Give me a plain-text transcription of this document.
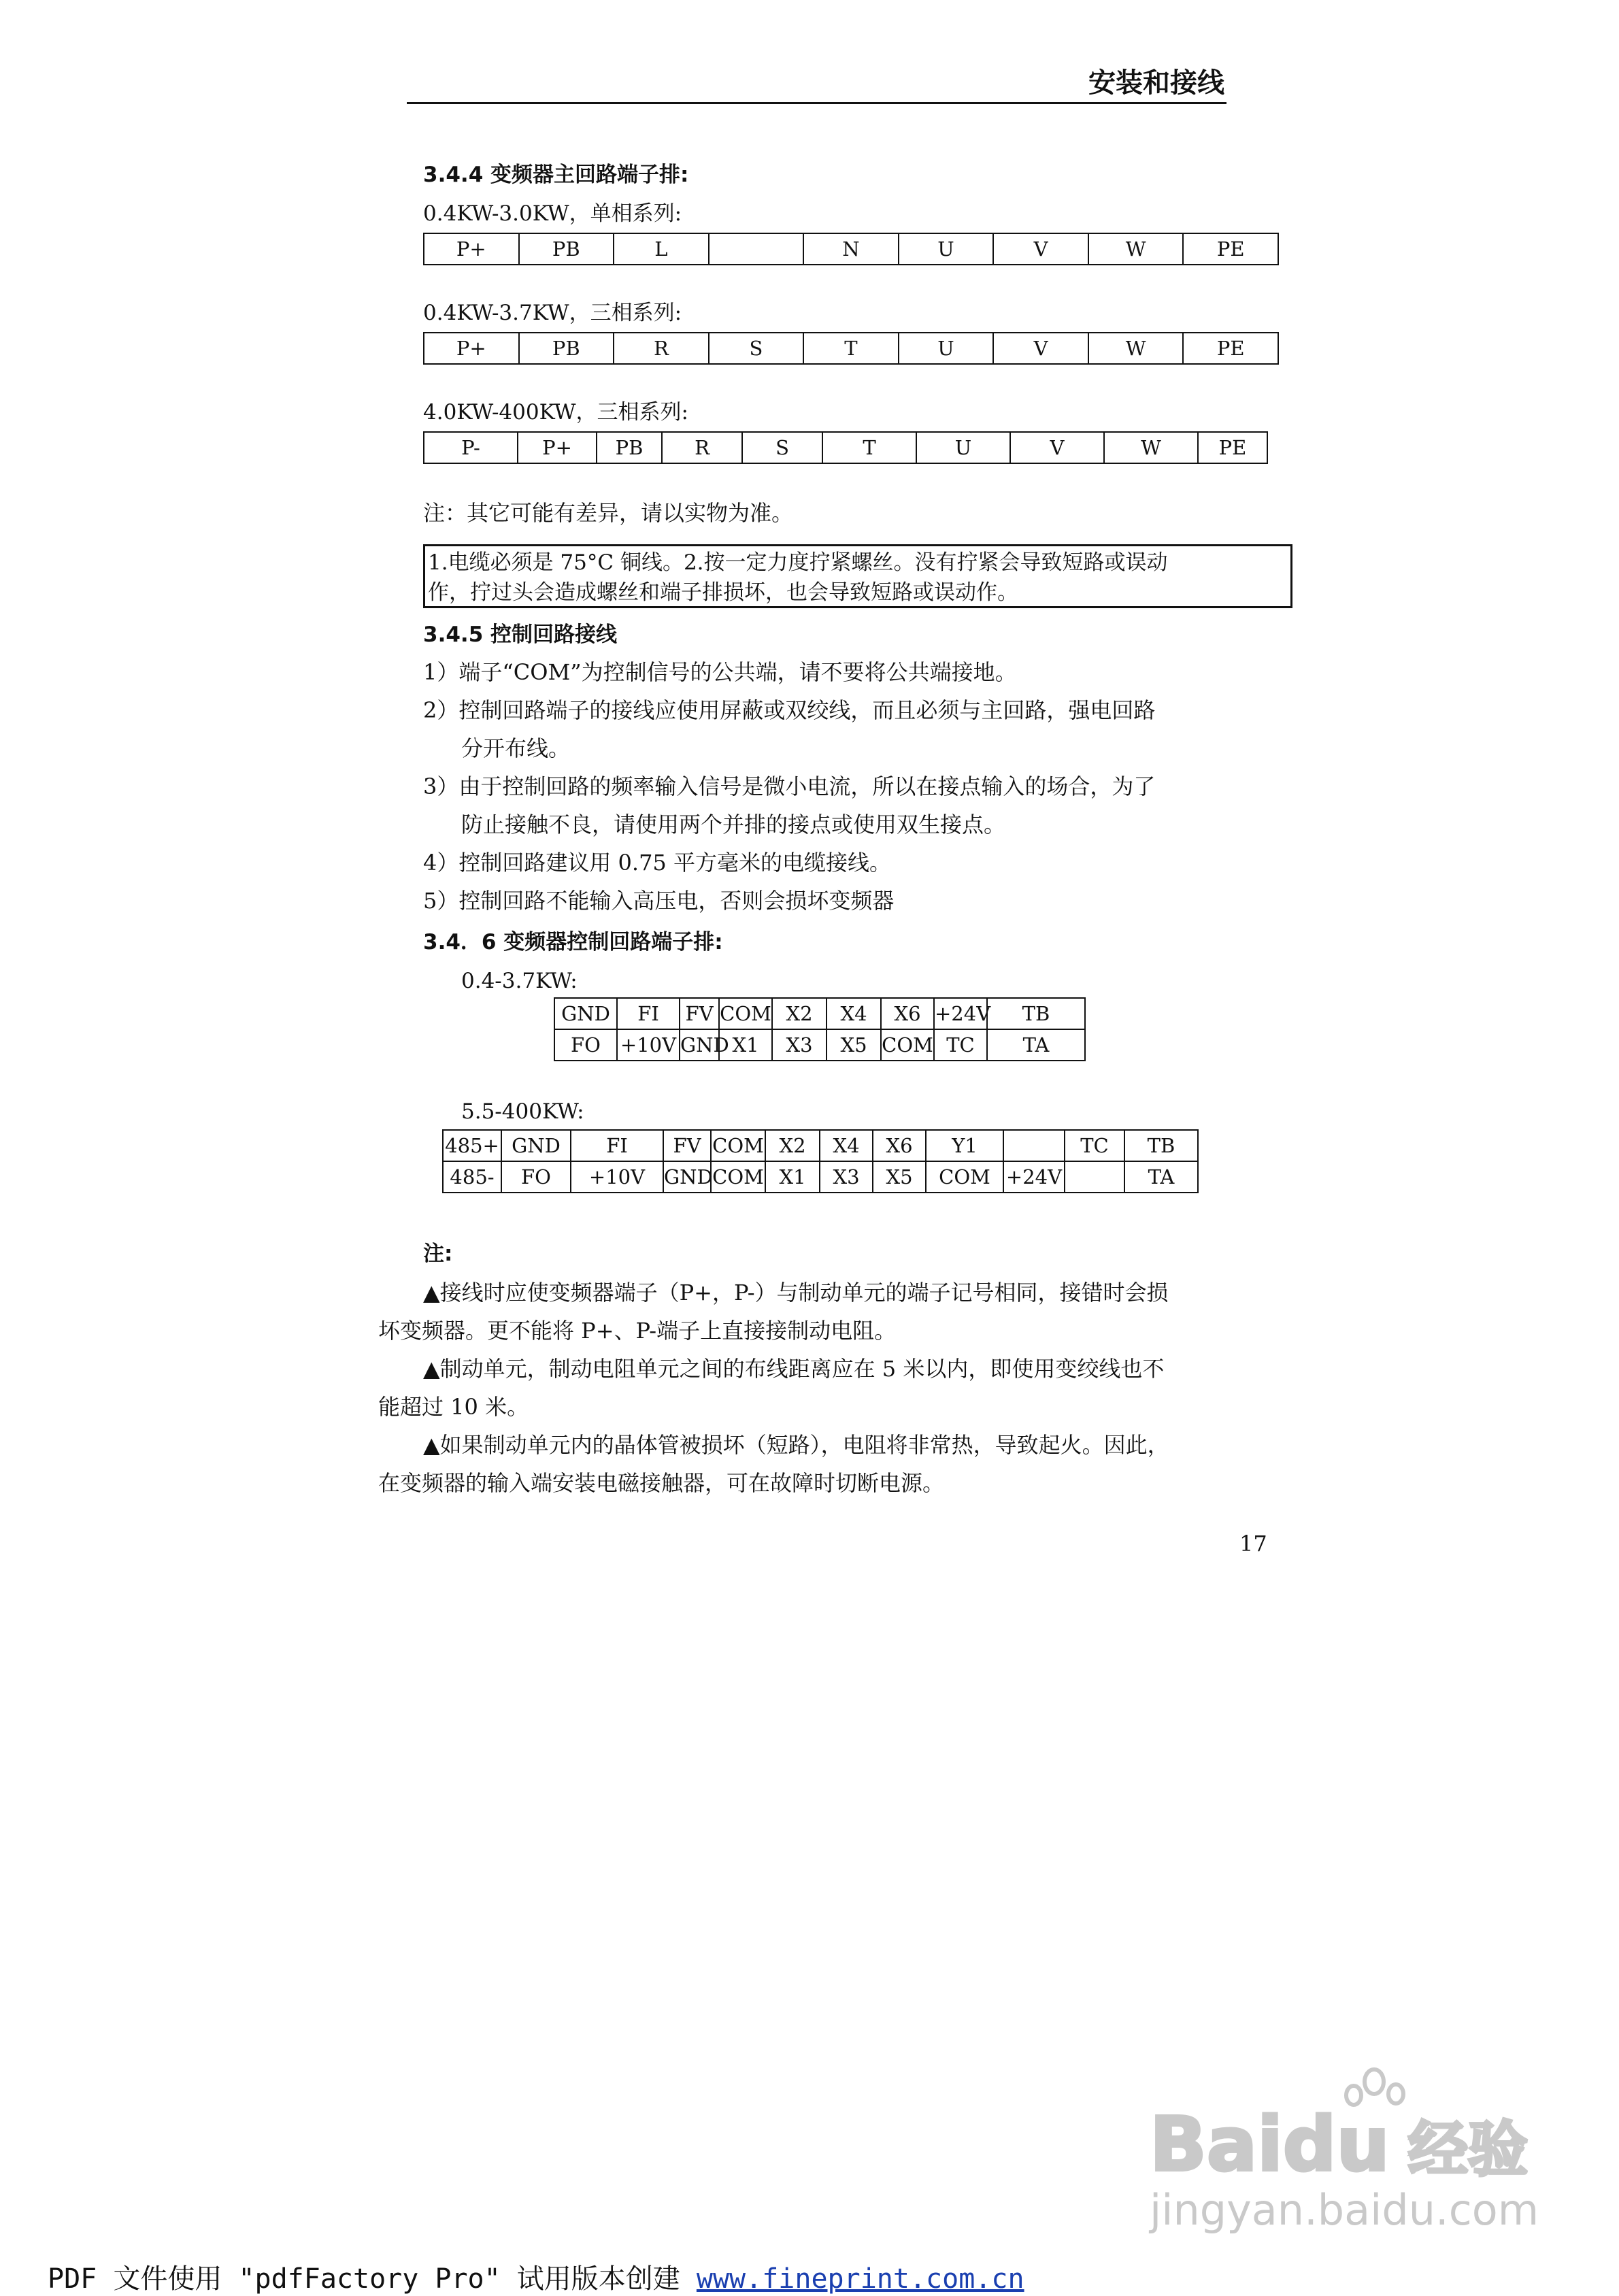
安装和接线
3.4.4 变频器主回路端子排:
0.4KW-3.0KW，单相系列:
P+	PB	L		N	U	V	W	PE
0.4KW-3.7KW，三相系列:
P+	PB	R	S	T	U	V	W	PE
4.0KW-400KW，三相系列:
P-	P+	PB	R	S	T	U	V	W	PE
注：其它可能有差异，请以实物为准。
1.电缆必须是 75°C 铜线。2.按一定力度拧紧螺丝。没有拧紧会导致短路或误动
作，拧过头会造成螺丝和端子排损坏，也会导致短路或误动作。
3.4.5 控制回路接线
1）端子“COM”为控制信号的公共端，请不要将公共端接地。
2）控制回路端子的接线应使用屏蔽或双绞线，而且必须与主回路，强电回路
分开布线。
3）由于控制回路的频率输入信号是微小电流，所以在接点输入的场合，为了
防止接触不良，请使用两个并排的接点或使用双生接点。
4）控制回路建议用 0.75 平方毫米的电缆接线。
5）控制回路不能输入高压电，否则会损坏变频器
3.4．6 变频器控制回路端子排:
0.4-3.7KW:
GND	FI	FV	COM	X2	X4	X6	+24V	TB
FO	+10V	GND	X1	X3	X5	COM	TC	TA
5.5-400KW:
485+	GND	FI	FV	COM	X2	X4	X6	Y1		TC	TB
485-	FO	+10V	GND	COM	X1	X3	X5	COM	+24V		TA
注:
▲接线时应使变频器端子（P+，P-）与制动单元的端子记号相同，接错时会损
坏变频器。更不能将 P+、P-端子上直接接制动电阻。
▲制动单元，制动电阻单元之间的布线距离应在 5 米以内，即使用变绞线也不
能超过 10 米。
▲如果制动单元内的晶体管被损坏（短路），电阻将非常热，导致起火。因此，
在变频器的输入端安装电磁接触器，可在故障时切断电源。
17
Baidu 经验
jingyan.baidu.com
PDF 文件使用 "pdfFactory Pro" 试用版本创建 www.fineprint.com.cn
